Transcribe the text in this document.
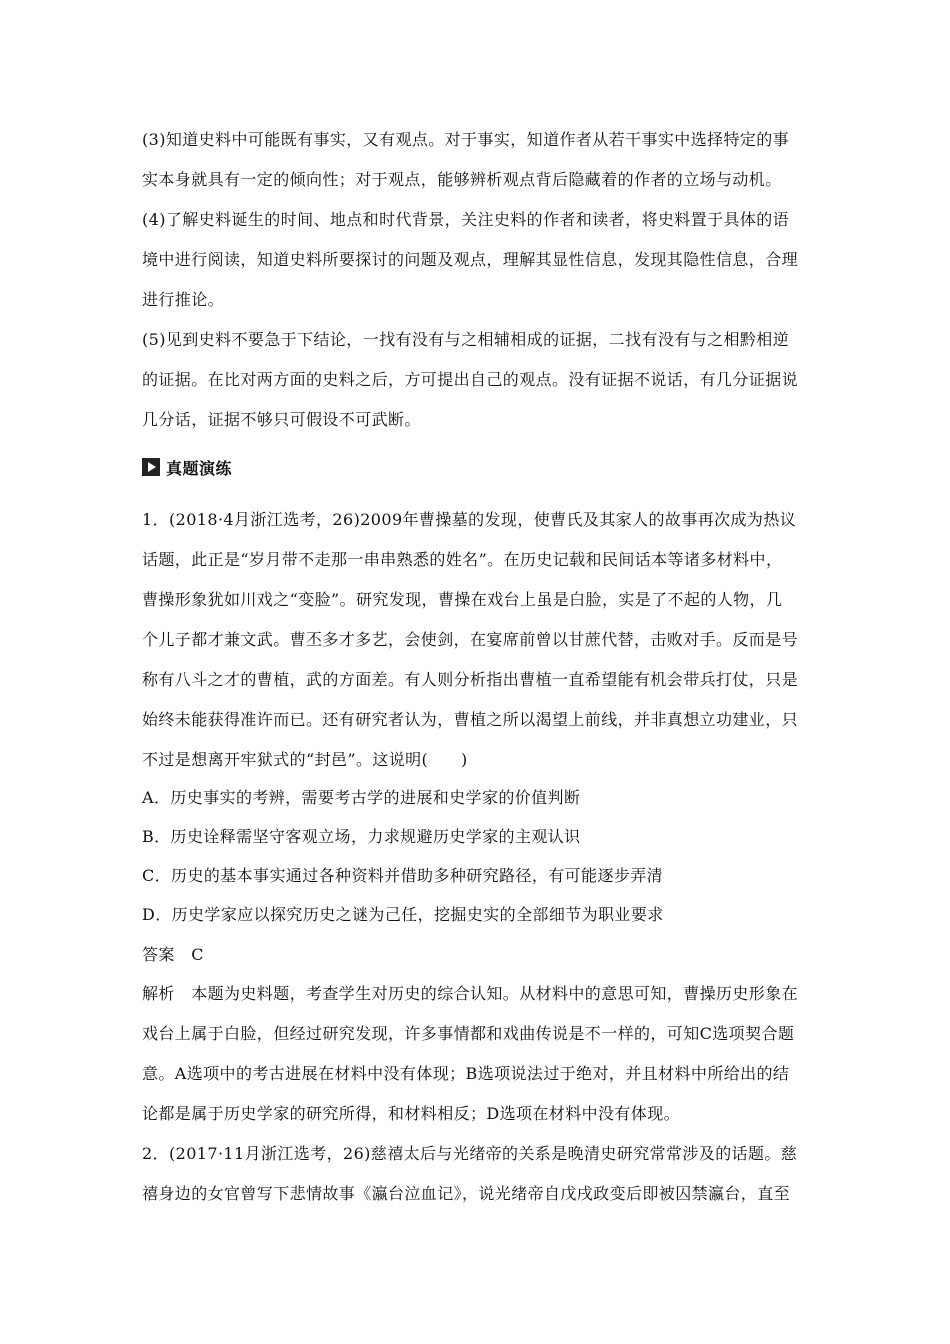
(3)知道史料中可能既有事实，又有观点。对于事实，知道作者从若干事实中选择特定的事
实本身就具有一定的倾向性；对于观点，能够辨析观点背后隐藏着的作者的立场与动机。
(4)了解史料诞生的时间、地点和时代背景，关注史料的作者和读者，将史料置于具体的语
境中进行阅读，知道史料所要探讨的问题及观点，理解其显性信息，发现其隐性信息，合理
进行推论。
(5)见到史料不要急于下结论，一找有没有与之相辅相成的证据，二找有没有与之相黔相逆
的证据。在比对两方面的史料之后，方可提出自己的观点。没有证据不说话，有几分证据说
几分话，证据不够只可假设不可武断。
真题演练
1．(2018·4月浙江选考，26)2009年曹操墓的发现，使曹氏及其家人的故事再次成为热议
话题，此正是“岁月带不走那一串串熟悉的姓名”。在历史记载和民间话本等诸多材料中，
曹操形象犹如川戏之“变脸”。研究发现，曹操在戏台上虽是白脸，实是了不起的人物，几
个儿子都才兼文武。曹丕多才多艺，会使剑，在宴席前曾以甘蔗代替，击败对手。反而是号
称有八斗之才的曹植，武的方面差。有人则分析指出曹植一直希望能有机会带兵打仗，只是
始终未能获得准许而已。还有研究者认为，曹植之所以渴望上前线，并非真想立功建业，只
不过是想离开牢狱式的“封邑”。这说明(　　)
A．历史事实的考辨，需要考古学的进展和史学家的价值判断
B．历史诠释需坚守客观立场，力求规避历史学家的主观认识
C．历史的基本事实通过各种资料并借助多种研究路径，有可能逐步弄清
D．历史学家应以探究历史之谜为己任，挖掘史实的全部细节为职业要求
答案　C
解析　本题为史料题，考查学生对历史的综合认知。从材料中的意思可知，曹操历史形象在
戏台上属于白脸，但经过研究发现，许多事情都和戏曲传说是不一样的，可知C选项契合题
意。A选项中的考古进展在材料中没有体现；B选项说法过于绝对，并且材料中所给出的结
论都是属于历史学家的研究所得，和材料相反；D选项在材料中没有体现。
2．(2017·11月浙江选考，26)慈禧太后与光绪帝的关系是晚清史研究常常涉及的话题。慈
禧身边的女官曾写下悲情故事《瀛台泣血记》，说光绪帝自戊戌政变后即被囚禁瀛台，直至
